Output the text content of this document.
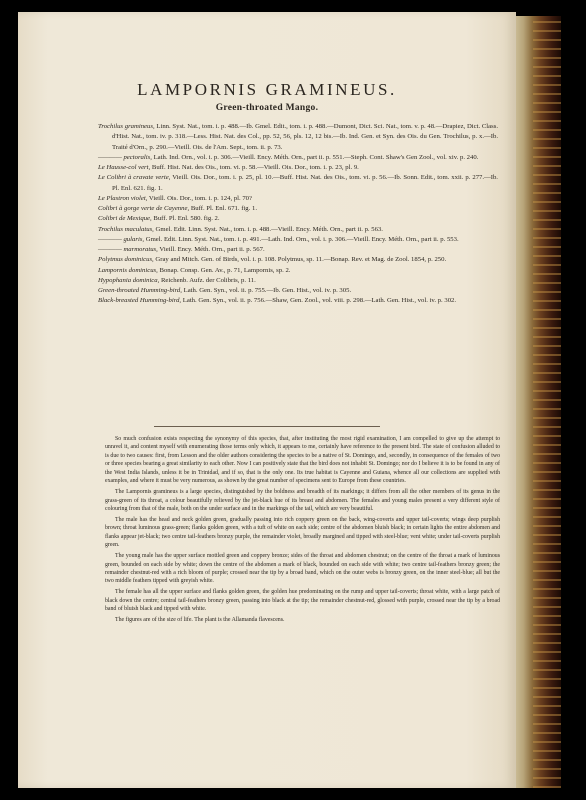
LAMPORNIS GRAMINEUS.
Green-throated Mango.

Trochilus gramineus, Linn. Syst. Nat., tom. i. p. 488.—Ib. Gmel. Edit., tom. i. p. 488.—Dumont, Dict. Sci. Nat., tom. v. p. 48.—Drapiez, Dict. Class. d'Hist. Nat., tom. iv. p. 318.—Less. Hist. Nat. des Col., pp. 52, 56, pls. 12, 12 bis.—Ib. Ind. Gen. et Syn. des Ois. du Gen. Trochilus, p. x.—Ib. Traité d'Orn., p. 290.—Vieill. Ois. de l'Am. Sept., tom. ii. p. 73.

———— pectoralis, Lath. Ind. Orn., vol. i. p. 306.—Vieill. Ency. Méth. Orn., part ii. p. 551.—Steph. Cont. Shaw's Gen Zool., vol. xiv. p. 240.

Le Hausse-col vert, Buff. Hist. Nat. des Ois., tom. vi. p. 58.—Vieill. Ois. Dor., tom. i. p. 23, pl. 9.

Le Colibri à cravate verte, Vieill. Ois. Dor., tom. i. p. 25, pl. 10.—Buff. Hist. Nat. des Ois., tom. vi. p. 56.—Ib. Sonn. Edit., tom. xxii. p. 277.—Ib. Pl. Enl. 621. fig. 1.

Le Plastron violet, Vieill. Ois. Dor., tom. i. p. 124, pl. 70?

Colibri à gorge verte de Cayenne, Buff. Pl. Enl. 671. fig. 1.

Colibri de Mexique, Buff. Pl. Enl. 580. fig. 2.

Trochilus maculatus, Gmel. Edit. Linn. Syst. Nat., tom. i. p. 488.—Vieill. Ency. Méth. Orn., part ii. p. 563.

———— gularis, Gmel. Edit. Linn. Syst. Nat., tom. i. p. 491.—Lath. Ind. Orn., vol. i. p. 306.—Vieill. Ency. Méth. Orn., part ii. p. 553.

———— marmoratus, Vieill. Ency. Méth. Orn., part ii. p. 567.

Polytmus dominicus, Gray and Mitch. Gen. of Birds, vol. i. p. 108. Polytmus, sp. 11.—Bonap. Rev. et Mag. de Zool. 1854, p. 250.

Lampornis dominicus, Bonap. Consp. Gen. Av., p. 71, Lampornis, sp. 2.

Hypophania dominica, Reichenb. Aufz. der Colibris, p. 11.

Green-throated Humming-bird, Lath. Gen. Syn., vol. ii. p. 755.—Ib. Gen. Hist., vol. iv. p. 305.

Black-breasted Humming-bird, Lath. Gen. Syn., vol. ii. p. 756.—Shaw, Gen. Zool., vol. viii. p. 298.—Lath. Gen. Hist., vol. iv. p. 302.

So much confusion exists respecting the synonymy of this species, that, after instituting the most rigid examination, I am compelled to give up the attempt to unravel it, and content myself with enumerating those terms only which, it appears to me, certainly have reference to the present bird. The state of confusion alluded to is due to two causes: first, from Lesson and the older authors considering the species to be a native of St. Domingo, and, secondly, in consequence of the females of two or three species bearing a great similarity to each other. Now I can positively state that the bird does not inhabit St. Domingo; nor do I believe it is to be found in any of the West India Islands, unless it be in Trinidad, and if so, that is the only one. Its true habitat is Cayenne and Guiana, whence all our collections are supplied with examples, and where it must be very numerous, as shown by the great number of specimens sent to Europe from these countries.

The Lampornis gramineus is a large species, distinguished by the boldness and breadth of its markings; it differs from all the other members of its genus in the grass-green of its throat, a colour beautifully relieved by the jet-black hue of its breast and abdomen. The females and young males present a very different style of colouring from that of the male, both on the under surface and in the markings of the tail, which are very beautiful.

The male has the head and neck golden green, gradually passing into rich coppery green on the back, wing-coverts and upper tail-coverts; wings deep purplish brown; throat luminous grass-green; flanks golden green, with a tuft of white on each side; centre of the abdomen bluish black; in certain lights the entire abdomen and flanks appear jet-black; two centre tail-feathers bronzy purple, the remainder violet, broadly margined and tipped with steel-blue; vent white; under tail-coverts purplish green.

The young male has the upper surface mottled green and coppery bronze; sides of the throat and abdomen chestnut; on the centre of the throat a mark of luminous green, bounded on each side by white; down the centre of the abdomen a mark of black, bounded on each side with white; two centre tail-feathers bronzy green; the remainder chestnut-red with a rich bloom of purple; crossed near the tip by a broad band, which on the outer webs is bronzy green, on the inner steel-blue; all but the two middle feathers tipped with greyish white.

The female has all the upper surface and flanks golden green, the golden hue predominating on the rump and upper tail-coverts; throat white, with a large patch of black down the centre; central tail-feathers bronzy green, passing into black at the tip; the remainder chestnut-red, glossed with purple, crossed near the tip by a broad band of bluish black and tipped with white.

The figures are of the size of life. The plant is the Allamanda flavescens.
